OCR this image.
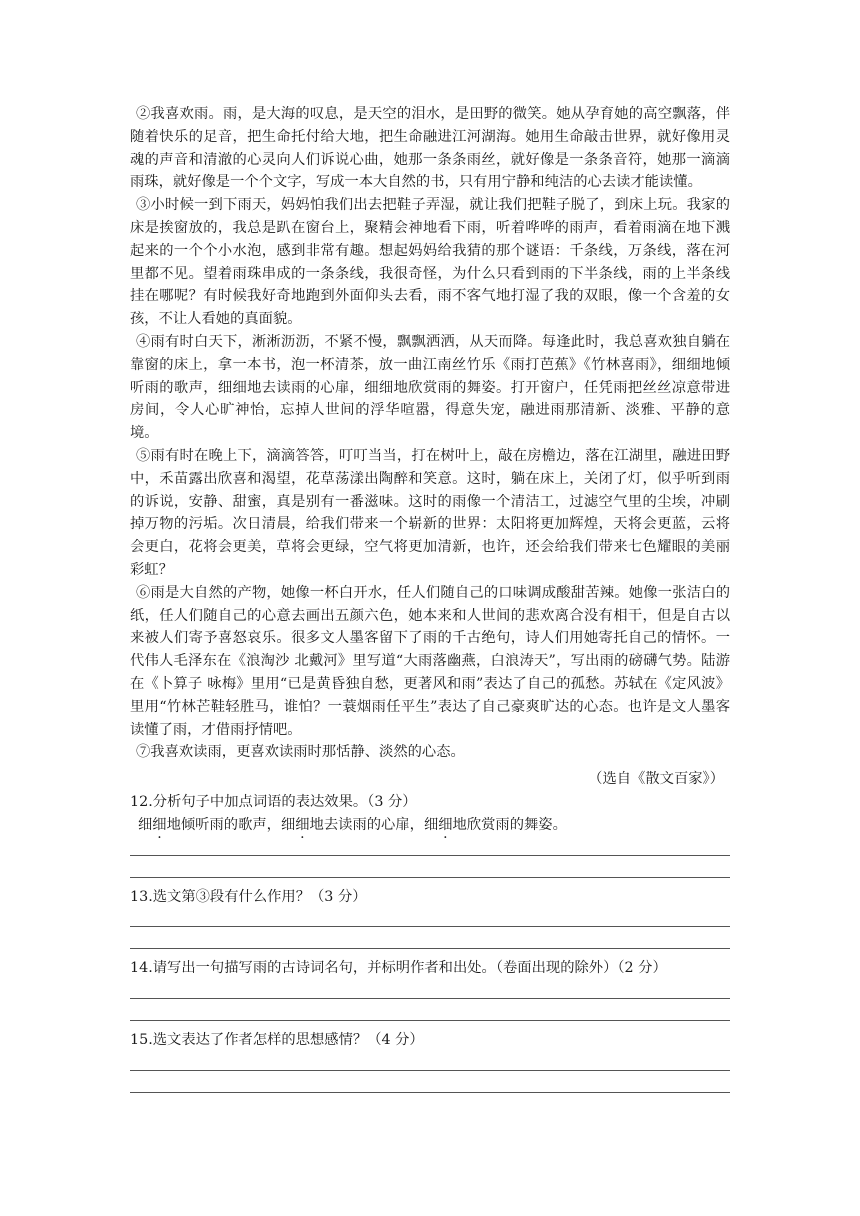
②我喜欢雨。雨，是大海的叹息，是天空的泪水，是田野的微笑。她从孕育她的高空飘落，伴随着快乐的足音，把生命托付给大地，把生命融进江河湖海。她用生命敲击世界，就好像用灵魂的声音和清澈的心灵向人们诉说心曲，她那一条条雨丝，就好像是一条条音符，她那一滴滴雨珠，就好像是一个个文字，写成一本大自然的书，只有用宁静和纯洁的心去读才能读懂。

③小时候一到下雨天，妈妈怕我们出去把鞋子弄湿，就让我们把鞋子脱了，到床上玩。我家的床是挨窗放的，我总是趴在窗台上，聚精会神地看下雨，听着哗哗的雨声，看着雨滴在地下溅起来的一个个小水泡，感到非常有趣。想起妈妈给我猜的那个谜语：千条线，万条线，落在河里都不见。望着雨珠串成的一条条线，我很奇怪，为什么只看到雨的下半条线，雨的上半条线挂在哪呢？有时候我好奇地跑到外面仰头去看，雨不客气地打湿了我的双眼，像一个含羞的女孩，不让人看她的真面貌。

④雨有时白天下，淅淅沥沥，不紧不慢，飘飘洒洒，从天而降。每逢此时，我总喜欢独自躺在靠窗的床上，拿一本书，泡一杯清茶，放一曲江南丝竹乐《雨打芭蕉》《竹林喜雨》，细细地倾听雨的歌声，细细地去读雨的心扉，细细地欣赏雨的舞姿。打开窗户，任凭雨把丝丝凉意带进房间，令人心旷神怡，忘掉人世间的浮华喧嚣，得意失宠，融进雨那清新、淡雅、平静的意境。

⑤雨有时在晚上下，滴滴答答，叮叮当当，打在树叶上，敲在房檐边，落在江湖里，融进田野中，禾苗露出欣喜和渴望，花草荡漾出陶醉和笑意。这时，躺在床上，关闭了灯，似乎听到雨的诉说，安静、甜蜜，真是别有一番滋味。这时的雨像一个清洁工，过滤空气里的尘埃，冲刷掉万物的污垢。次日清晨，给我们带来一个崭新的世界：太阳将更加辉煌，天将会更蓝，云将会更白，花将会更美，草将会更绿，空气将更加清新，也许，还会给我们带来七色耀眼的美丽彩虹？

⑥雨是大自然的产物，她像一杯白开水，任人们随自己的口味调成酸甜苦辣。她像一张洁白的纸，任人们随自己的心意去画出五颜六色，她本来和人世间的悲欢离合没有相干，但是自古以来被人们寄予喜怒哀乐。很多文人墨客留下了雨的千古绝句，诗人们用她寄托自己的情怀。一代伟人毛泽东在《浪淘沙 北戴河》里写道“大雨落幽燕，白浪涛天”，写出雨的磅礴气势。陆游在《卜算子 咏梅》里用“已是黄昏独自愁，更著风和雨”表达了自己的孤愁。苏轼在《定风波》里用“竹林芒鞋轻胜马，谁怕？一蓑烟雨任平生”表达了自己豪爽旷达的心态。也许是文人墨客读懂了雨，才借雨抒情吧。

⑦我喜欢读雨，更喜欢读雨时那恬静、淡然的心态。

（选自《散文百家》）

12.分析句子中加点词语的表达效果。（3 分）

细细地倾听雨的歌声，细细地去读雨的心扉，细细地欣赏雨的舞姿。

13.选文第③段有什么作用？（3 分）

14.请写出一句描写雨的古诗词名句，并标明作者和出处。（卷面出现的除外）（2 分）

15.选文表达了作者怎样的思想感情？（4 分）
